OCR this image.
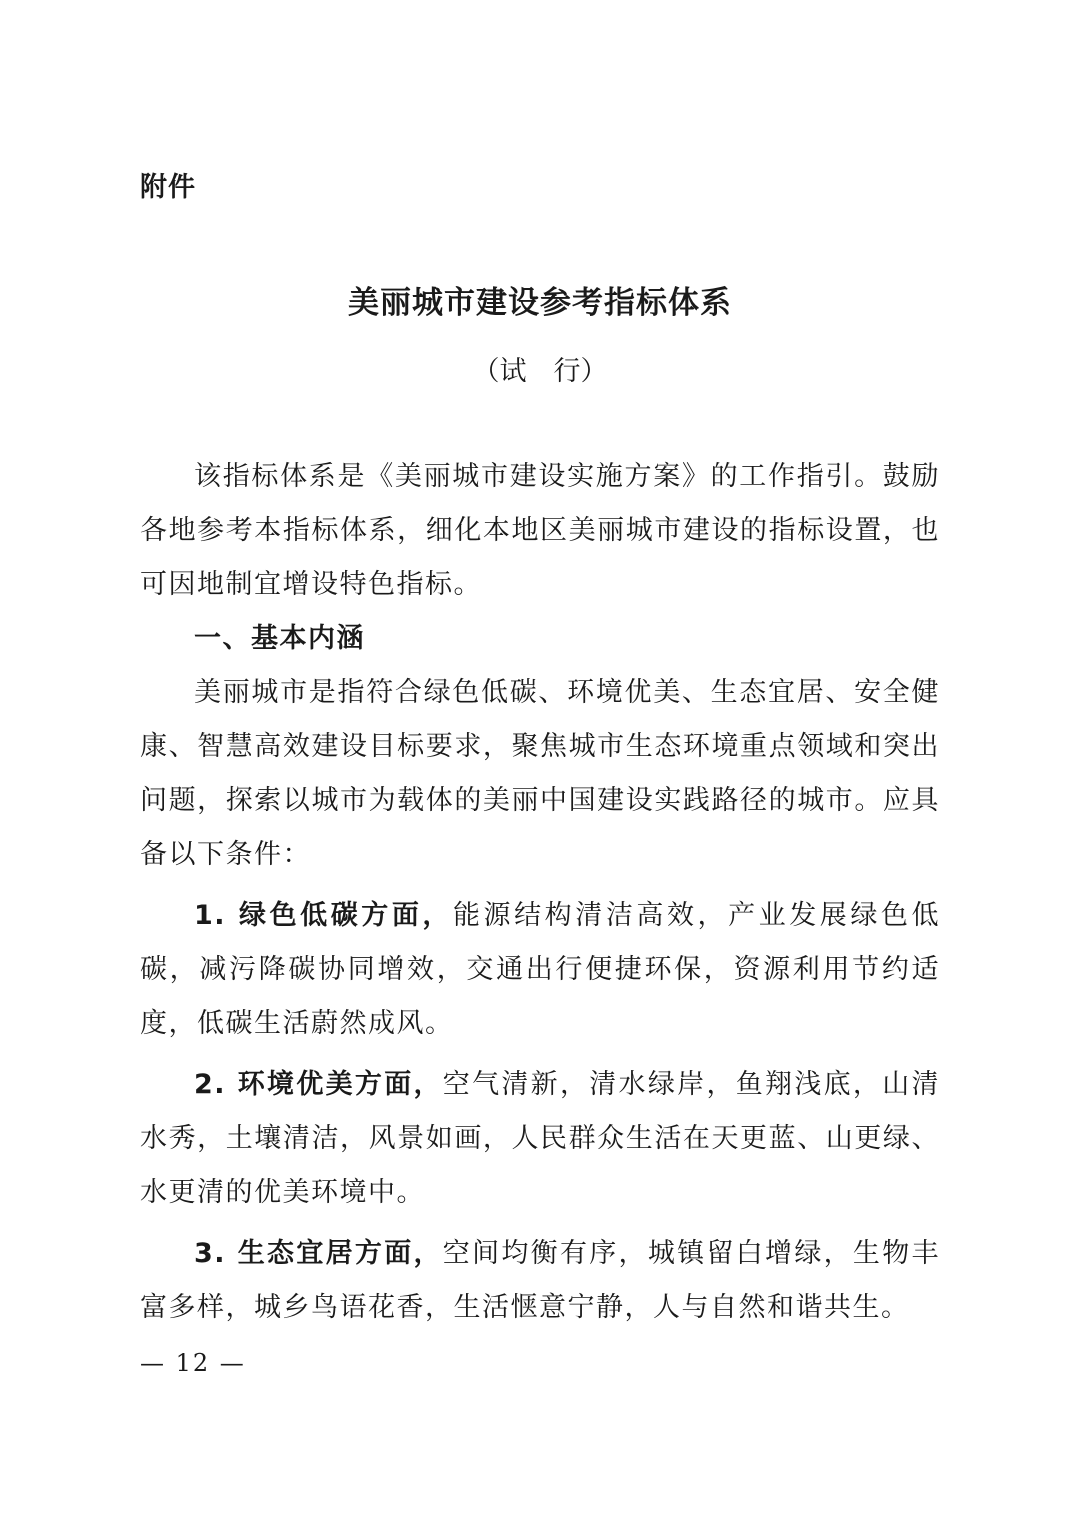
附件
美丽城市建设参考指标体系
（试　行）

该指标体系是《美丽城市建设实施方案》的工作指引。鼓励各地参考本指标体系，细化本地区美丽城市建设的指标设置，也可因地制宜增设特色指标。

一、基本内涵

美丽城市是指符合绿色低碳、环境优美、生态宜居、安全健康、智慧高效建设目标要求，聚焦城市生态环境重点领域和突出问题，探索以城市为载体的美丽中国建设实践路径的城市。应具备以下条件：

1. 绿色低碳方面，能源结构清洁高效，产业发展绿色低碳，减污降碳协同增效，交通出行便捷环保，资源利用节约适度，低碳生活蔚然成风。

2. 环境优美方面，空气清新，清水绿岸，鱼翔浅底，山清水秀，土壤清洁，风景如画，人民群众生活在天更蓝、山更绿、水更清的优美环境中。

3. 生态宜居方面，空间均衡有序，城镇留白增绿，生物丰富多样，城乡鸟语花香，生活惬意宁静，人与自然和谐共生。

— 12 —
